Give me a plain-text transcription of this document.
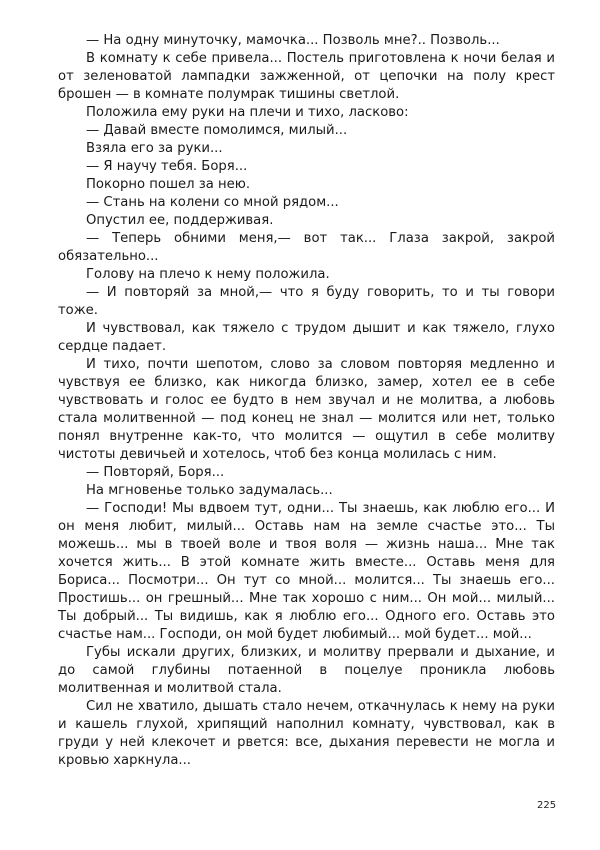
— На одну минуточку, мамочка... Позволь мне?.. Позволь...

В комнату к себе привела... Постель приготовлена к ночи белая и от зеленоватой лампадки зажженной, от цепочки на полу крест брошен — в комнате полумрак тишины светлой.

Положила ему руки на плечи и тихо, ласково:

— Давай вместе помолимся, милый...

Взяла его за руки...

— Я научу тебя. Боря...

Покорно пошел за нею.

— Стань на колени со мной рядом...

Опустил ее, поддерживая.

— Теперь обними меня,— вот так... Глаза закрой, закрой обязательно...

Голову на плечо к нему положила.

— И повторяй за мной,— что я буду говорить, то и ты говори тоже.

И чувствовал, как тяжело с трудом дышит и как тяжело, глухо сердце падает.

И тихо, почти шепотом, слово за словом повторяя медленно и чувствуя ее близко, как никогда близко, замер, хотел ее в себе чувствовать и голос ее будто в нем звучал и не молитва, а любовь стала молитвенной — под конец не знал — молится или нет, только понял внутренне как-то, что молится — ощутил в себе молитву чистоты девичьей и хотелось, чтоб без конца молилась с ним.

— Повторяй, Боря...

На мгновенье только задумалась...

— Господи! Мы вдвоем тут, одни... Ты знаешь, как люблю его... И он меня любит, милый... Оставь нам на земле счастье это... Ты можешь... мы в твоей воле и твоя воля — жизнь наша... Мне так хочется жить... В этой комнате жить вместе... Оставь меня для Бориса... Посмотри... Он тут со мной... молится... Ты знаешь его... Простишь... он грешный... Мне так хорошо с ним... Он мой... милый... Ты добрый... Ты видишь, как я люблю его... Одного его. Оставь это счастье нам... Господи, он мой будет любимый... мой будет... мой...

Губы искали других, близких, и молитву прервали и дыхание, и до самой глубины потаенной в поцелуе проникла любовь молитвенная и молитвой стала.

Сил не хватило, дышать стало нечем, откачнулась к нему на руки и кашель глухой, хрипящий наполнил комнату, чувствовал, как в груди у ней клекочет и рвется: все, дыхания перевести не могла и кровью харкнула...

225
